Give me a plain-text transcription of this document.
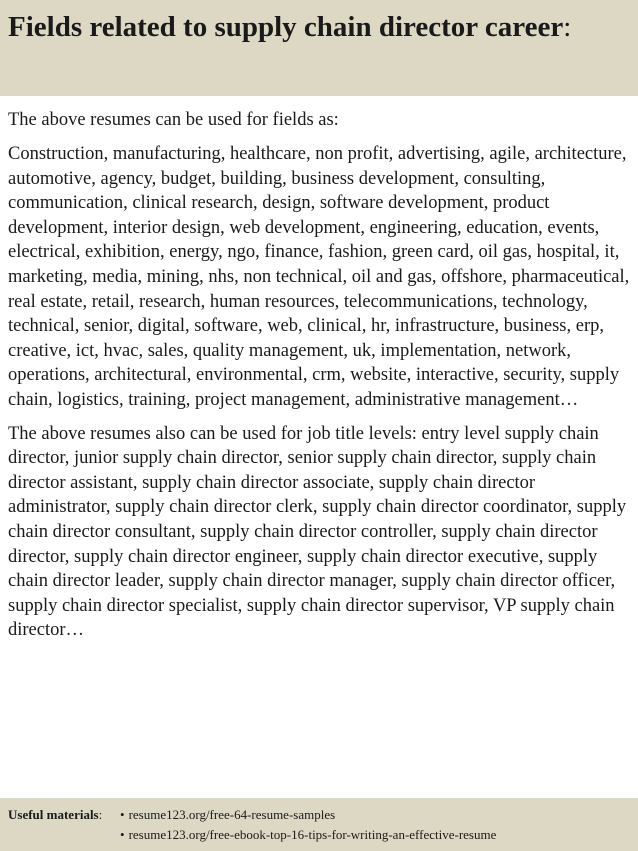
Fields related to supply chain director career:

The above resumes can be used for fields as:

Construction, manufacturing, healthcare, non profit, advertising, agile, architecture, automotive, agency, budget, building, business development, consulting, communication, clinical research, design, software development, product development, interior design, web development, engineering, education, events, electrical, exhibition, energy, ngo, finance, fashion, green card, oil gas, hospital, it, marketing, media, mining, nhs, non technical, oil and gas, offshore, pharmaceutical, real estate, retail, research, human resources, telecommunications, technology, technical, senior, digital, software, web, clinical, hr, infrastructure, business, erp, creative, ict, hvac, sales, quality management, uk, implementation, network, operations, architectural, environmental, crm, website, interactive, security, supply chain, logistics, training, project management, administrative management…

The above resumes also can be used for job title levels: entry level supply chain director, junior supply chain director, senior supply chain director, supply chain director assistant, supply chain director associate, supply chain director administrator, supply chain director clerk, supply chain director coordinator, supply chain director consultant, supply chain director controller, supply chain director director, supply chain director engineer, supply chain director executive, supply chain director leader, supply chain director manager, supply chain director officer, supply chain director specialist, supply chain director supervisor, VP supply chain director…

Useful materials:	• resume123.org/free-64-resume-samples
• resume123.org/free-ebook-top-16-tips-for-writing-an-effective-resume
